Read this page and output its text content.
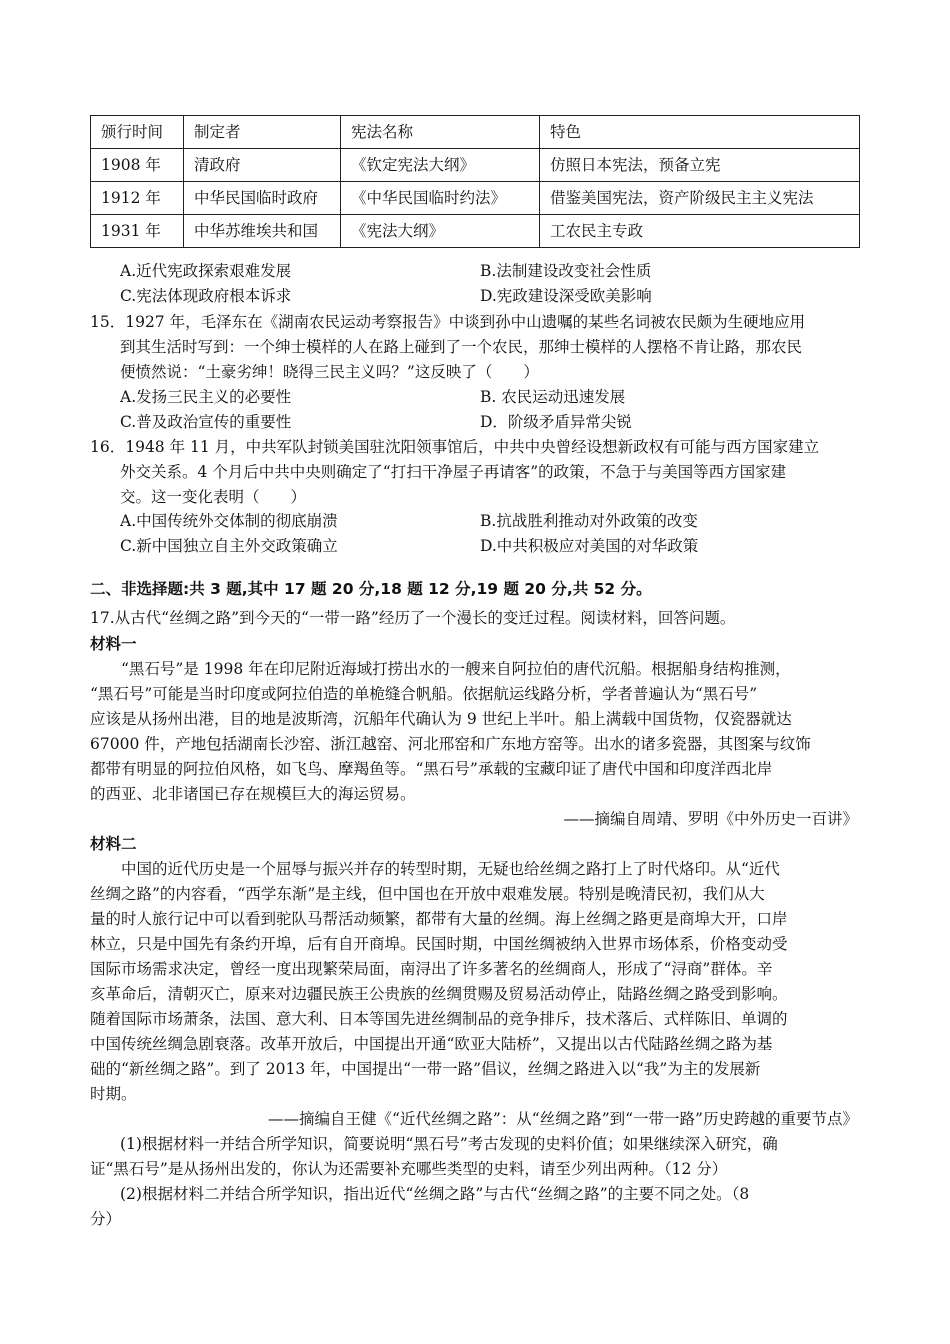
颁行时间	制定者	宪法名称	特色
1908 年	清政府	《钦定宪法大纲》	仿照日本宪法，预备立宪
1912 年	中华民国临时政府	《中华民国临时约法》	借鉴美国宪法，资产阶级民主主义宪法
1931 年	中华苏维埃共和国	《宪法大纲》	工农民主专政
A.近代宪政探索艰难发展	B.法制建设改变社会性质
C.宪法体现政府根本诉求	D.宪政建设深受欧美影响
15．1927 年，毛泽东在《湖南农民运动考察报告》中谈到孙中山遗嘱的某些名词被农民颇为生硬地应用
到其生活时写到：一个绅士模样的人在路上碰到了一个农民，那绅士模样的人摆格不肯让路，那农民
便愤然说：“土豪劣绅！晓得三民主义吗？”这反映了（　　）
A.发扬三民主义的必要性	B. 农民运动迅速发展
C.普及政治宣传的重要性	D．阶级矛盾异常尖锐
16．1948 年 11 月，中共军队封锁美国驻沈阳领事馆后，中共中央曾经设想新政权有可能与西方国家建立
外交关系。4 个月后中共中央则确定了“打扫干净屋子再请客”的政策，不急于与美国等西方国家建
交。这一变化表明（　　）
A.中国传统外交体制的彻底崩溃	B.抗战胜利推动对外政策的改变
C.新中国独立自主外交政策确立	D.中共积极应对美国的对华政策
二、非选择题:共 3 题,其中 17 题 20 分,18 题 12 分,19 题 20 分,共 52 分。
17.从古代“丝绸之路”到今天的“一带一路”经历了一个漫长的变迁过程。阅读材料，回答问题。
材料一
“黑石号”是 1998 年在印尼附近海域打捞出水的一艘来自阿拉伯的唐代沉船。根据船身结构推测，
“黑石号”可能是当时印度或阿拉伯造的单桅缝合帆船。依据航运线路分析，学者普遍认为“黑石号”
应该是从扬州出港，目的地是波斯湾，沉船年代确认为 9 世纪上半叶。船上满载中国货物，仅瓷器就达
67000 件，产地包括湖南长沙窑、浙江越窑、河北邢窑和广东地方窑等。出水的诸多瓷器，其图案与纹饰
都带有明显的阿拉伯风格，如飞鸟、摩羯鱼等。“黑石号”承载的宝藏印证了唐代中国和印度洋西北岸
的西亚、北非诸国已存在规模巨大的海运贸易。
——摘编自周靖、罗明《中外历史一百讲》
材料二
中国的近代历史是一个屈辱与振兴并存的转型时期，无疑也给丝绸之路打上了时代烙印。从“近代
丝绸之路”的内容看，“西学东渐”是主线，但中国也在开放中艰难发展。特别是晚清民初，我们从大
量的时人旅行记中可以看到驼队马帮活动频繁，都带有大量的丝绸。海上丝绸之路更是商埠大开，口岸
林立，只是中国先有条约开埠，后有自开商埠。民国时期，中国丝绸被纳入世界市场体系，价格变动受
国际市场需求决定，曾经一度出现繁荣局面，南浔出了许多著名的丝绸商人，形成了“浔商”群体。辛
亥革命后，清朝灭亡，原来对边疆民族王公贵族的丝绸贯赐及贸易活动停止，陆路丝绸之路受到影响。
随着国际市场萧条，法国、意大利、日本等国先进丝绸制品的竞争排斥，技术落后、式样陈旧、单调的
中国传统丝绸急剧衰落。改革开放后，中国提出开通“欧亚大陆桥”，又提出以古代陆路丝绸之路为基
础的“新丝绸之路”。到了 2013 年，中国提出“一带一路”倡议，丝绸之路进入以“我”为主的发展新
时期。
——摘编自王健《“近代丝绸之路”：从“丝绸之路”到“一带一路”历史跨越的重要节点》
(1)根据材料一并结合所学知识，简要说明“黑石号”考古发现的史料价值；如果继续深入研究，确
证“黑石号”是从扬州出发的，你认为还需要补充哪些类型的史料，请至少列出两种。（12 分）
(2)根据材料二并结合所学知识，指出近代“丝绸之路”与古代“丝绸之路”的主要不同之处。（8
分）
